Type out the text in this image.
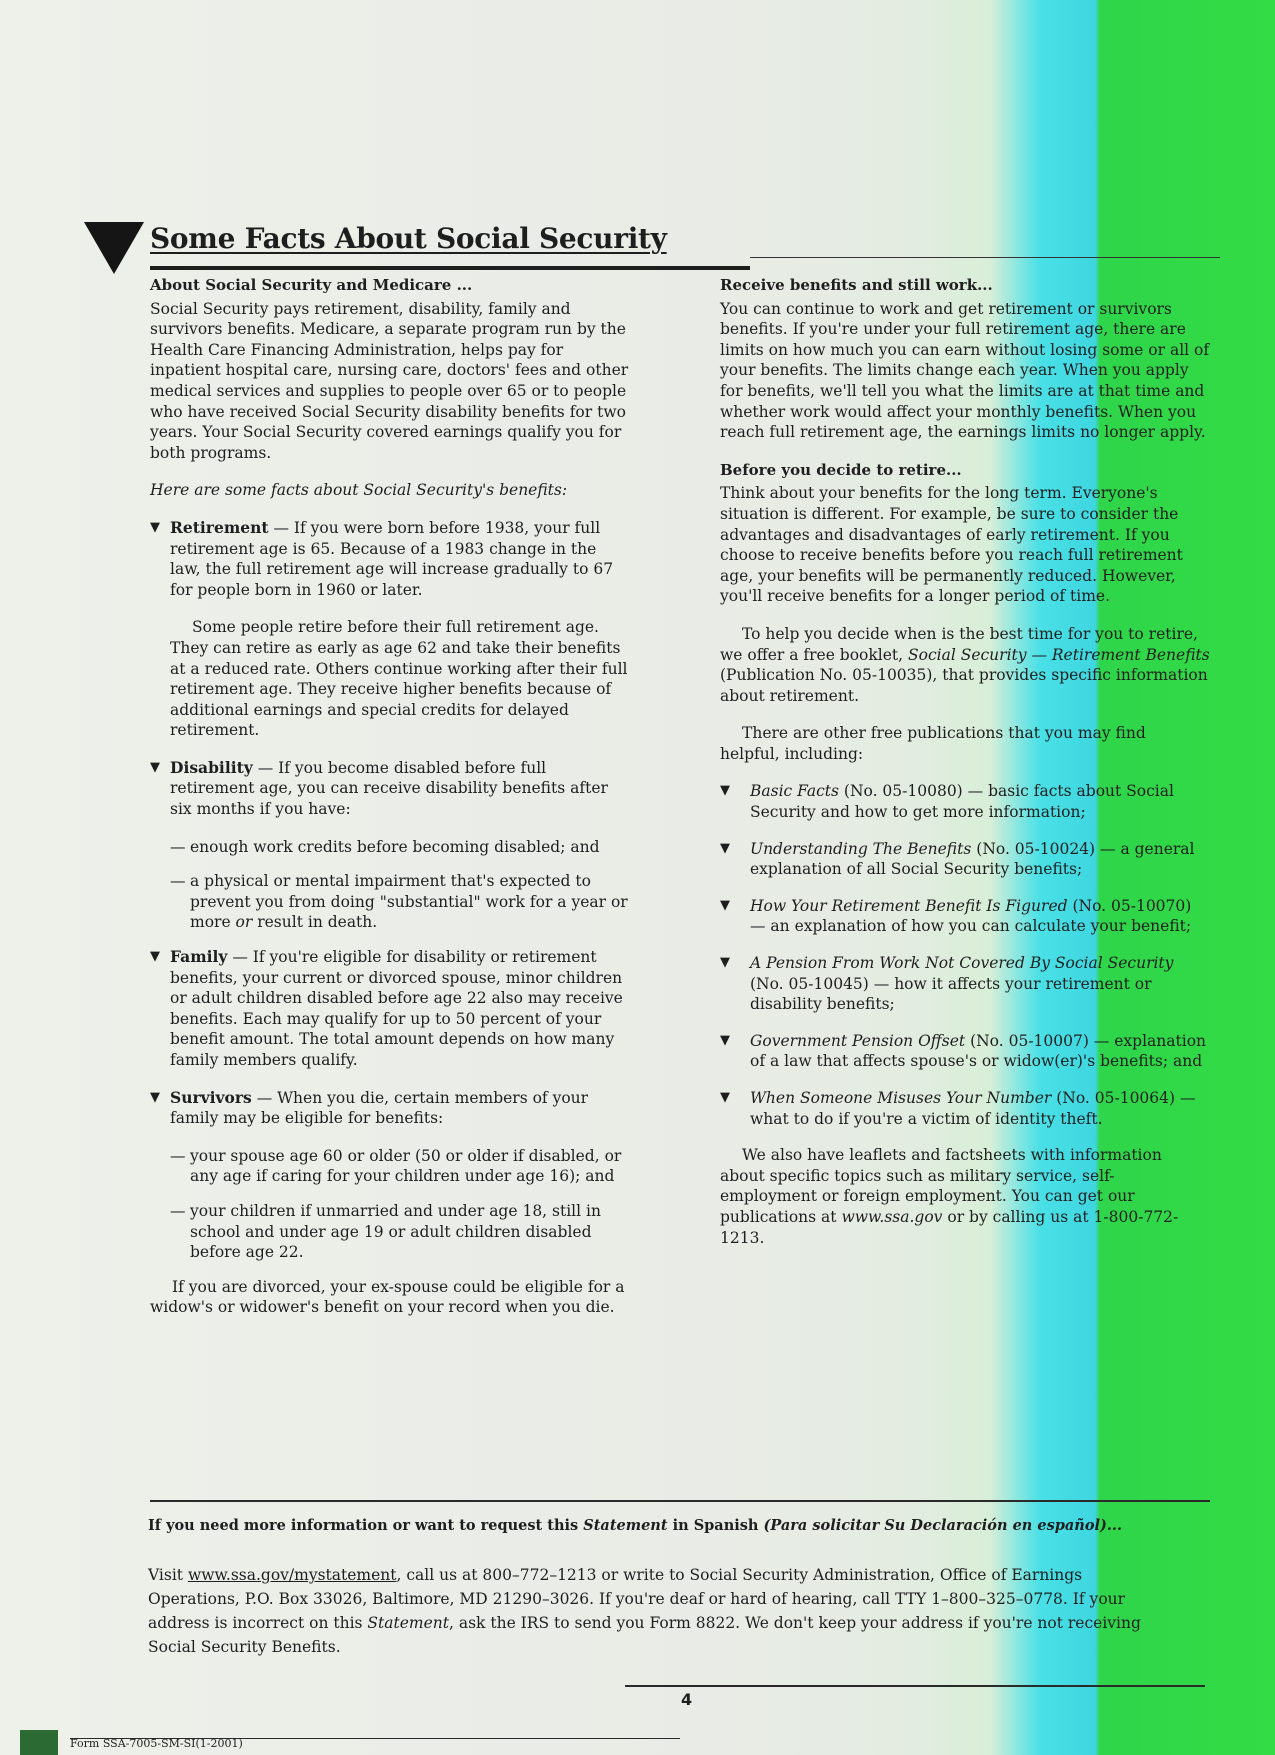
Some Facts About Social Security
About Social Security and Medicare ...

Social Security pays retirement, disability, family and survivors benefits. Medicare, a separate program run by the Health Care Financing Administration, helps pay for inpatient hospital care, nursing care, doctors' fees and other medical services and supplies to people over 65 or to people who have received Social Security disability benefits for two years. Your Social Security covered earnings qualify you for both programs.

Here are some facts about Social Security's benefits:

▼ Retirement — If you were born before 1938, your full retirement age is 65. Because of a 1983 change in the law, the full retirement age will increase gradually to 67 for people born in 1960 or later.

Some people retire before their full retirement age. They can retire as early as age 62 and take their benefits at a reduced rate. Others continue working after their full retirement age. They receive higher benefits because of additional earnings and special credits for delayed retirement.

▼ Disability — If you become disabled before full retirement age, you can receive disability benefits after six months if you have:
— enough work credits before becoming disabled; and
— a physical or mental impairment that's expected to prevent you from doing "substantial" work for a year or more or result in death.
▼ Family — If you're eligible for disability or retirement benefits, your current or divorced spouse, minor children or adult children disabled before age 22 also may receive benefits. Each may qualify for up to 50 percent of your benefit amount. The total amount depends on how many family members qualify.
▼ Survivors — When you die, certain members of your family may be eligible for benefits:
— your spouse age 60 or older (50 or older if disabled, or any age if caring for your children under age 16); and
— your children if unmarried and under age 18, still in school and under age 19 or adult children disabled before age 22.

If you are divorced, your ex-spouse could be eligible for a widow's or widower's benefit on your record when you die.

Receive benefits and still work...

You can continue to work and get retirement or survivors benefits. If you're under your full retirement age, there are limits on how much you can earn without losing some or all of your benefits. The limits change each year. When you apply for benefits, we'll tell you what the limits are at that time and whether work would affect your monthly benefits. When you reach full retirement age, the earnings limits no longer apply.

Before you decide to retire...

Think about your benefits for the long term. Everyone's situation is different. For example, be sure to consider the advantages and disadvantages of early retirement. If you choose to receive benefits before you reach full retirement age, your benefits will be permanently reduced. However, you'll receive benefits for a longer period of time.

To help you decide when is the best time for you to retire, we offer a free booklet, Social Security — Retirement Benefits (Publication No. 05-10035), that provides specific information about retirement.

There are other free publications that you may find helpful, including:

▼ Basic Facts (No. 05-10080) — basic facts about Social Security and how to get more information;
▼ Understanding The Benefits (No. 05-10024) — a general explanation of all Social Security benefits;
▼ How Your Retirement Benefit Is Figured (No. 05-10070) — an explanation of how you can calculate your benefit;
▼ A Pension From Work Not Covered By Social Security (No. 05-10045) — how it affects your retirement or disability benefits;
▼ Government Pension Offset (No. 05-10007) — explanation of a law that affects spouse's or widow(er)'s benefits; and
▼ When Someone Misuses Your Number (No. 05-10064) — what to do if you're a victim of identity theft.

We also have leaflets and factsheets with information about specific topics such as military service, self-employment or foreign employment. You can get our publications at www.ssa.gov or by calling us at 1-800-772-1213.

If you need more information or want to request this Statement in Spanish (Para solicitar Su Declaración en español)...
Visit www.ssa.gov/mystatement, call us at 800–772–1213 or write to Social Security Administration, Office of Earnings Operations, P.O. Box 33026, Baltimore, MD 21290–3026. If you're deaf or hard of hearing, call TTY 1–800–325–0778. If your address is incorrect on this Statement, ask the IRS to send you Form 8822. We don't keep your address if you're not receiving Social Security Benefits.
4
Form SSA-7005-SM-SI(1-2001)
